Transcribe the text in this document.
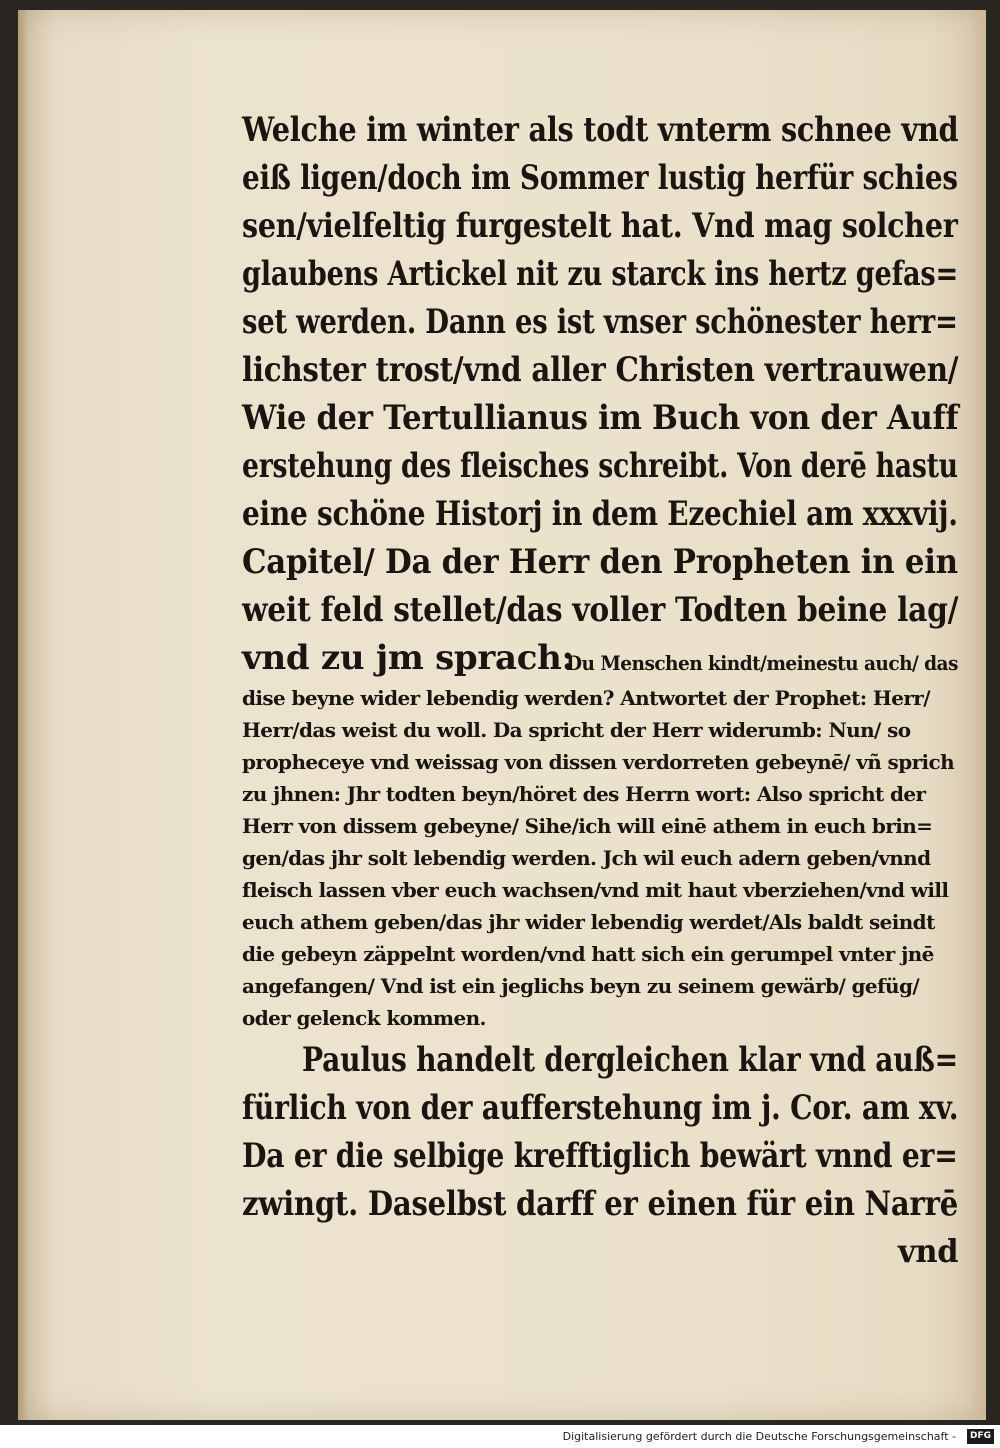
Welche im winter als todt vnterm schnee vnd
eiß ligen/doch im Sommer lustig herfür schies
sen/vielfeltig furgestelt hat. Vnd mag solcher
glaubens Artickel nit zu starck ins hertz gefas=
set werden. Dann es ist vnser schönester herr=
lichster trost/vnd aller Christen vertrauwen/
Wie der Tertullianus im Buch von der Auff
erstehung des fleisches schreibt. Von derē hastu
eine schöne Historj in dem Ezechiel am xxxvij.
Capitel/ Da der Herr den Propheten in ein
weit feld stellet/das voller Todten beine lag/
vnd zu jm sprach:
Du Menschen kindt/meinestu auch/ das
dise beyne wider lebendig werden? Antwortet der Prophet: Herr/
Herr/das weist du woll. Da spricht der Herr widerumb: Nun/ so
propheceye vnd weissag von dissen verdorreten gebeynē/ vñ sprich
zu jhnen: Jhr todten beyn/höret des Herrn wort: Also spricht der
Herr von dissem gebeyne/ Sihe/ich will einē athem in euch brin=
gen/das jhr solt lebendig werden. Jch wil euch adern geben/vnnd
fleisch lassen vber euch wachsen/vnd mit haut vberziehen/vnd will
euch athem geben/das jhr wider lebendig werdet/Als baldt seindt
die gebeyn zäppelnt worden/vnd hatt sich ein gerumpel vnter jnē
angefangen/ Vnd ist ein jeglichs beyn zu seinem gewärb/ gefüg/
oder gelenck kommen.
Paulus handelt dergleichen klar vnd auß=
fürlich von der aufferstehung im j. Cor. am xv.
Da er die selbige krefftiglich bewärt vnnd er=
zwingt. Daselbst darff er einen für ein Narrē
vnd
Digitalisierung gefördert durch die Deutsche Forschungsgemeinschaft -	DFG
